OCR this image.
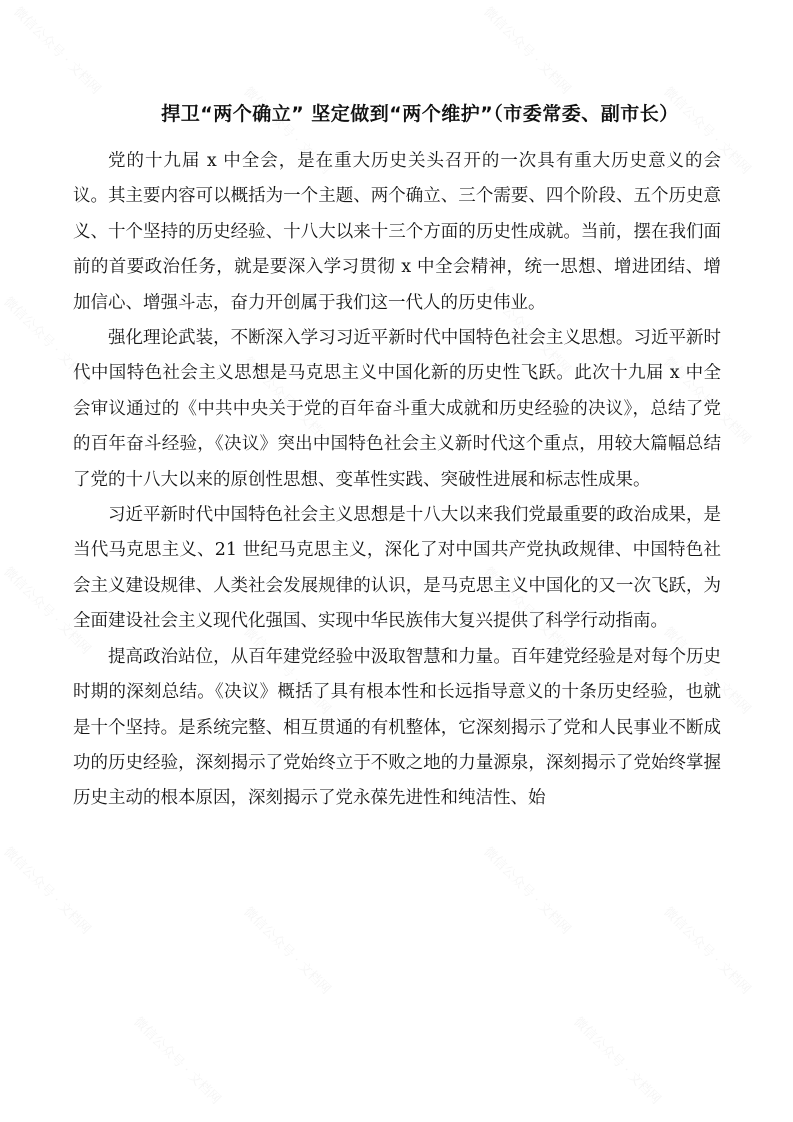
微信公众号 · 文档网
微信公众号 · 文档网
微信公众号 · 文档网
微信公众号 · 文档网
微信公众号 · 文档网
微信公众号 · 文档网
微信公众号 · 文档网
微信公众号 · 文档网
微信公众号 · 文档网
微信公众号 · 文档网
微信公众号 · 文档网
微信公众号 · 文档网
微信公众号 · 文档网
微信公众号 · 文档网
微信公众号 · 文档网
微信公众号 · 文档网
微信公众号 · 文档网	微信公众号 · 文档网
捍卫“两个确立” 坚定做到“两个维护”（市委常委、副市长）

党的十九届 x 中全会，是在重大历史关头召开的一次具有重大历史意义的会议。其主要内容可以概括为一个主题、两个确立、三个需要、四个阶段、五个历史意义、十个坚持的历史经验、十八大以来十三个方面的历史性成就。当前，摆在我们面前的首要政治任务，就是要深入学习贯彻 x 中全会精神，统一思想、增进团结、增加信心、增强斗志，奋力开创属于我们这一代人的历史伟业。

强化理论武装，不断深入学习习近平新时代中国特色社会主义思想。习近平新时代中国特色社会主义思想是马克思主义中国化新的历史性飞跃。此次十九届 x 中全会审议通过的《中共中央关于党的百年奋斗重大成就和历史经验的决议》，总结了党的百年奋斗经验，《决议》突出中国特色社会主义新时代这个重点，用较大篇幅总结了党的十八大以来的原创性思想、变革性实践、突破性进展和标志性成果。

习近平新时代中国特色社会主义思想是十八大以来我们党最重要的政治成果，是当代马克思主义、21 世纪马克思主义，深化了对中国共产党执政规律、中国特色社会主义建设规律、人类社会发展规律的认识，是马克思主义中国化的又一次飞跃，为全面建设社会主义现代化强国、实现中华民族伟大复兴提供了科学行动指南。

提高政治站位，从百年建党经验中汲取智慧和力量。百年建党经验是对每个历史时期的深刻总结。《决议》概括了具有根本性和长远指导意义的十条历史经验，也就是十个坚持。是系统完整、相互贯通的有机整体，它深刻揭示了党和人民事业不断成功的历史经验，深刻揭示了党始终立于不败之地的力量源泉，深刻揭示了党始终掌握历史主动的根本原因，深刻揭示了党永葆先进性和纯洁性、始
